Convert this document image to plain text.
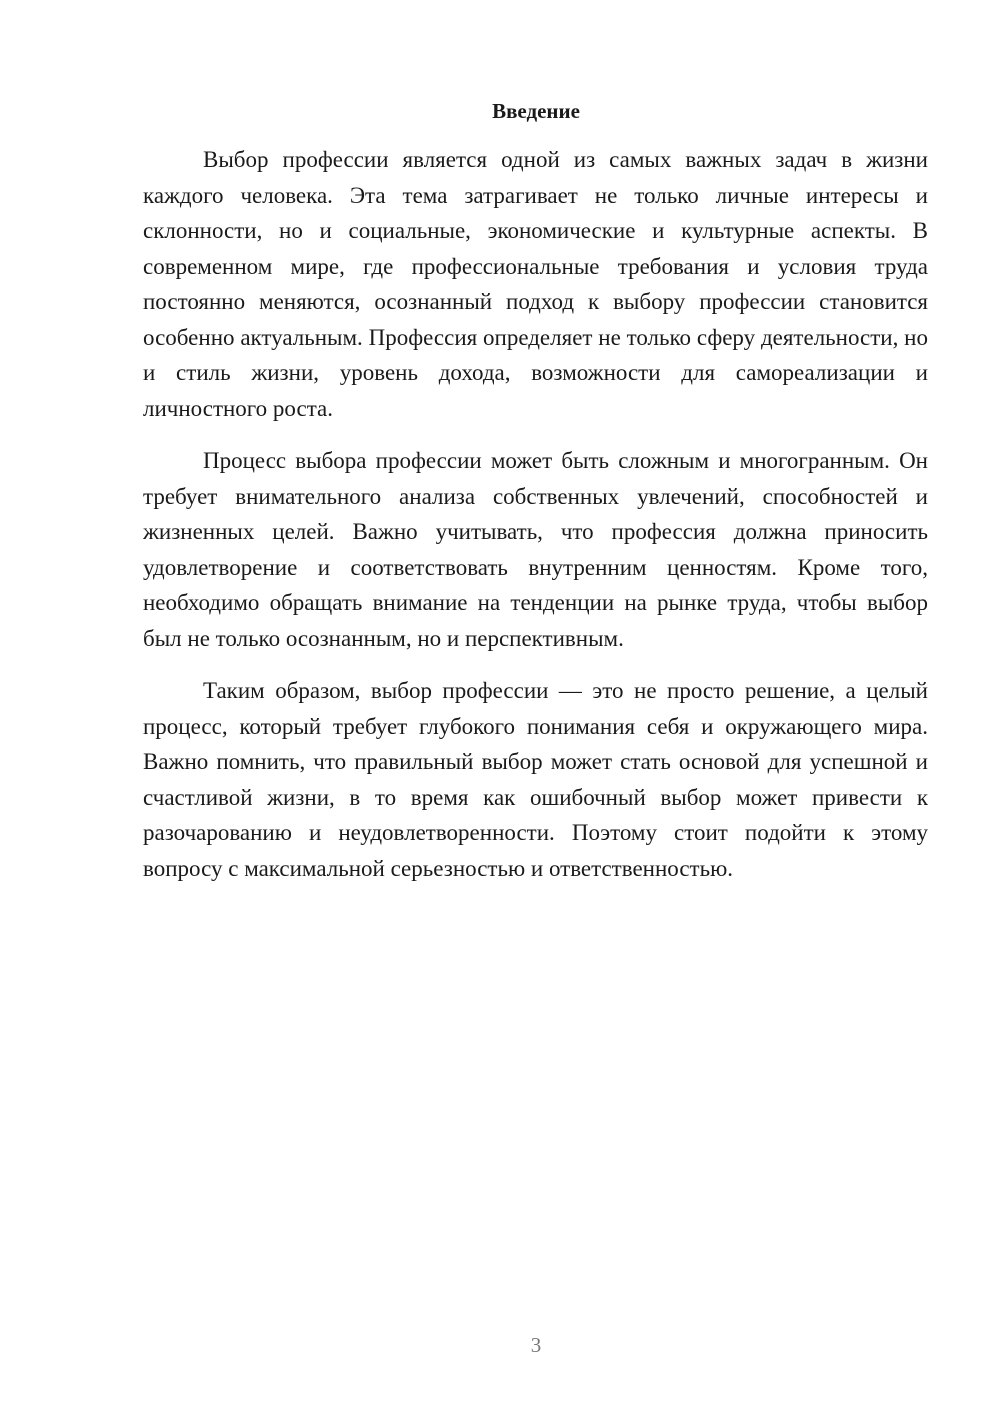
Введение

Выбор профессии является одной из самых важных задач в жизни каждого человека. Эта тема затрагивает не только личные интересы и склонности, но и социальные, экономические и культурные аспекты. В современном мире, где профессиональные требования и условия труда постоянно меняются, осознанный подход к выбору профессии становится особенно актуальным. Профессия определяет не только сферу деятельности, но и стиль жизни, уровень дохода, возможности для самореализации и личностного роста.

Процесс выбора профессии может быть сложным и многогранным. Он требует внимательного анализа собственных увлечений, способностей и жизненных целей. Важно учитывать, что профессия должна приносить удовлетворение и соответствовать внутренним ценностям. Кроме того, необходимо обращать внимание на тенденции на рынке труда, чтобы выбор был не только осознанным, но и перспективным.

Таким образом, выбор профессии — это не просто решение, а целый процесс, который требует глубокого понимания себя и окружающего мира. Важно помнить, что правильный выбор может стать основой для успешной и счастливой жизни, в то время как ошибочный выбор может привести к разочарованию и неудовлетворенности. Поэтому стоит подойти к этому вопросу с максимальной серьезностью и ответственностью.

3
